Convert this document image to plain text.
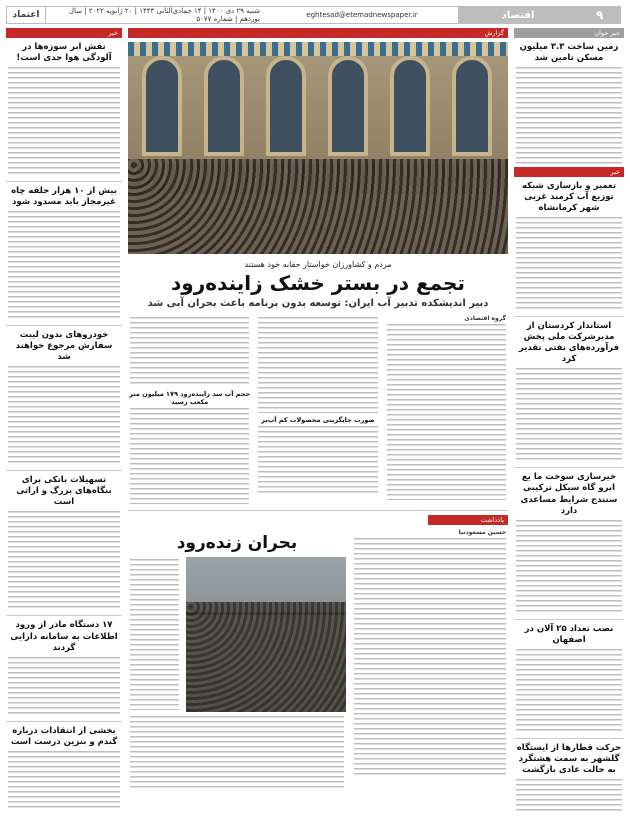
۹
اقتصاد
eghtesad@etemadnewspaper.ir
شنبه ۲۹ دی ۱۴۰۰ | ۱۴ جمادی‌الثانی ۱۴۴۳ | ۲۰ ژانویه ۲۰۲۲ | سال نوزدهم | شماره ۵۰۷۷
اعتماد
خبر خوان
زمین ساخت ۳.۳ میلیون مسکن تامین شد
خبر
تعمیر و بازسازی شبکه توزیع آب کرمند غربی شهر کرمانشاه
استاندار کردستان از مدیرشرکت ملی پخش فرآورده‌های نفتی تقدیر کرد
خیرساز‌ی سوخت ما یع ابرو گاه سیکل ترکیبی سنندج شرایط مساعدی دارد
نصب تعداد ۲۵ آلان در اصفهان
حرکت قطارها از ایستگاه گلشهر به سمت هشتگرد به حالت عادی بازگشت
گزارش
مردم و کشاورزان خواستار حقابه خود هستند
تجمع در بستر خشک زاینده‌رود
دبیر اندیشکده تدبیر آب ایران: توسعه بدون برنامه باعث بحران آبی شد
گروه اقتصادی
صورت جایگزینی محصولات کم آب‌بر
حجم آب سد زاینده‌رود ۱۷۹ میلیون متر مکعب رسید
یادداشت
حسین مسعودنیا
بحران زنده‌رود
خبر
نقش ابر سوزه‌ها در آلودگی هوا جدی است!
بیش از ۱۰ هزار حلقه چاه غیرمجاز باید مسدود شود
خودروهای بدون لیبت سفارش مرجوع خواهند شد
تسهیلات بانکی برای بنگاه‌های بزرگ و اراثی است
۱۷ دستگاه مادر از ورود اطلاعات به سامانه دارایی گردند
بخشی از انتقادات درباره گندم و بنزین درست است
